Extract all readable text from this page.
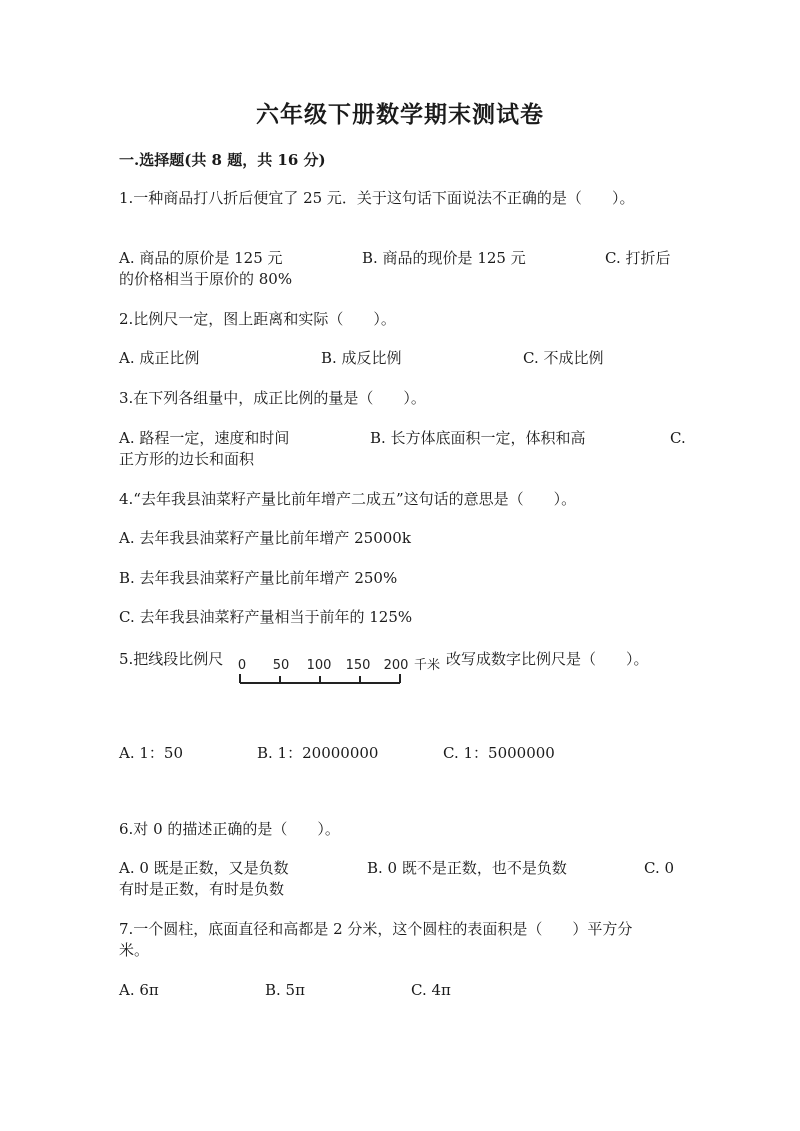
六年级下册数学期末测试卷
一.选择题(共 8 题，共 16 分)
1.一种商品打八折后便宜了 25 元．关于这句话下面说法不正确的是（　　）。
A. 商品的原价是 125 元	B. 商品的现价是 125 元	C. 打折后
的价格相当于原价的 80%
2.比例尺一定，图上距离和实际（　　）。
A. 成正比例	B. 成反比例	C. 不成比例
3.在下列各组量中，成正比例的量是（　　）。
A. 路程一定，速度和时间	B. 长方体底面积一定，体积和高	C.
正方形的边长和面积
4.“去年我县油菜籽产量比前年增产二成五”这句话的意思是（　　）。
A. 去年我县油菜籽产量比前年增产 25000k
B. 去年我县油菜籽产量比前年增产 250%
C. 去年我县油菜籽产量相当于前年的 125%
5.把线段比例尺 0 50 100 150 200 千米 改写成数字比例尺是（　　）。
A. 1：50	B. 1：20000000	C. 1：5000000
6.对 0 的描述正确的是（　　）。
A. 0 既是正数，又是负数	B. 0 既不是正数，也不是负数	C. 0
有时是正数，有时是负数
7.一个圆柱，底面直径和高都是 2 分米，这个圆柱的表面积是（　　）平方分
米。
A. 6π	B. 5π	C. 4π
